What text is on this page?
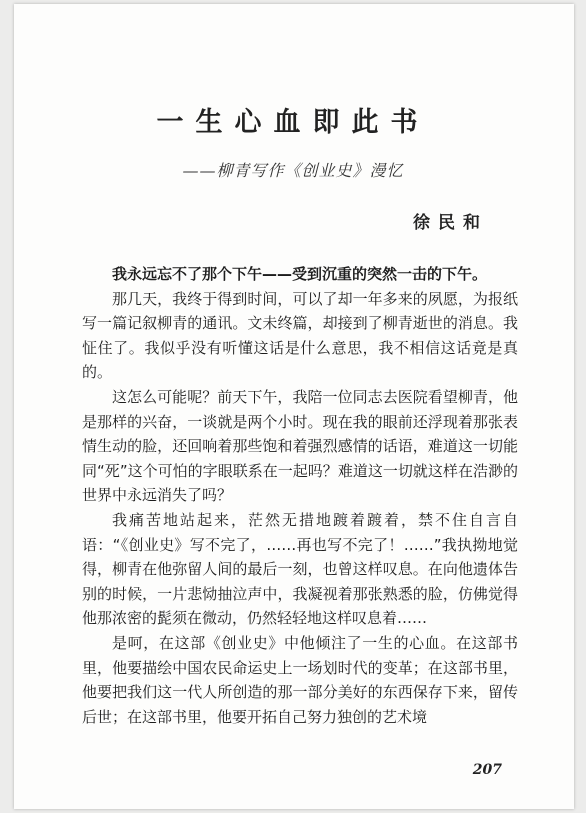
一生心血即此书
——柳青写作《创业史》漫忆
徐民和

我永远忘不了那个下午——受到沉重的突然一击的下午。

那几天，我终于得到时间，可以了却一年多来的夙愿，为报纸写一篇记叙柳青的通讯。文未终篇，却接到了柳青逝世的消息。我怔住了。我似乎没有听懂这话是什么意思，我不相信这话竟是真的。

这怎么可能呢？前天下午，我陪一位同志去医院看望柳青，他是那样的兴奋，一谈就是两个小时。现在我的眼前还浮现着那张表情生动的脸，还回响着那些饱和着强烈感情的话语，难道这一切能同“死”这个可怕的字眼联系在一起吗？难道这一切就这样在浩渺的世界中永远消失了吗？

我痛苦地站起来，茫然无措地踱着踱着，禁不住自言自语：“《创业史》写不完了，……再也写不完了！……”我执拗地觉得，柳青在他弥留人间的最后一刻，也曾这样叹息。在向他遗体告别的时候，一片悲恸抽泣声中，我凝视着那张熟悉的脸，仿佛觉得他那浓密的髭须在微动，仍然轻轻地这样叹息着……

是呵，在这部《创业史》中他倾注了一生的心血。在这部书里，他要描绘中国农民命运史上一场划时代的变革；在这部书里，他要把我们这一代人所创造的那一部分美好的东西保存下来，留传后世；在这部书里，他要开拓自己努力独创的艺术境

207
